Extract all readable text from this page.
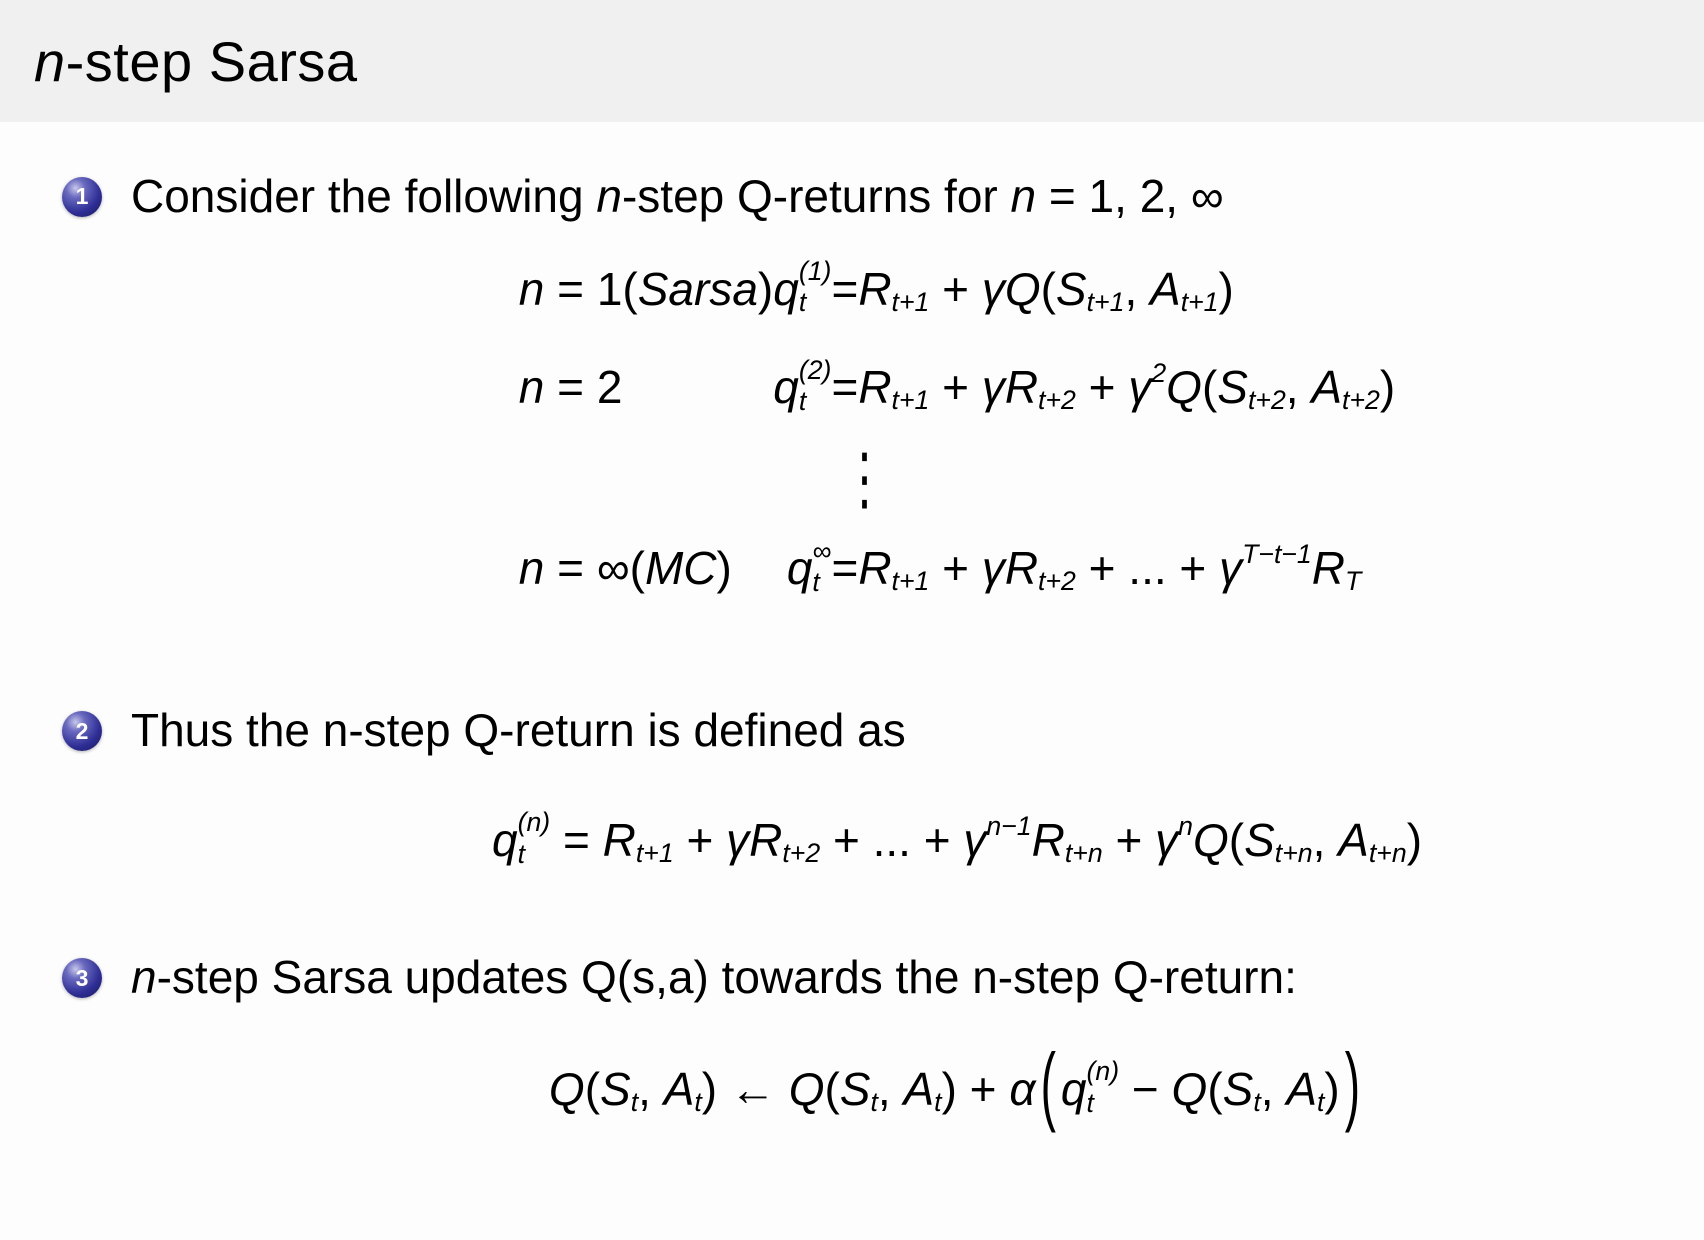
n-step Sarsa
1 Consider the following n-step Q-returns for n = 1, 2, ∞
n = 1(Sarsa) q (1)
t =Rt+1 + γQ(St+1, At+1)
n = 2	q (2)
$t =Rt+1 + \gamma Rt+2 + \gamma^2Q(St+2$, At+2)
⋮
n = ∞(MC)	q ∞
t =Rt+1 + γRt+2 + ... + $\gamma^{T-t-1}RT$
2 Thus the n-step Q-return is defined as
q (n)
t = Rt+1 + γRt+2 + ... + $\gamma^{n-1}Rt+n + \gamma^nQ(St+n$, At+n)
3 n-step Sarsa updates Q(s,a) towards the n-step Q-return:
Q(St, At) ← Q(St, At) + α ( q (n)
t − Q(St, At) )
